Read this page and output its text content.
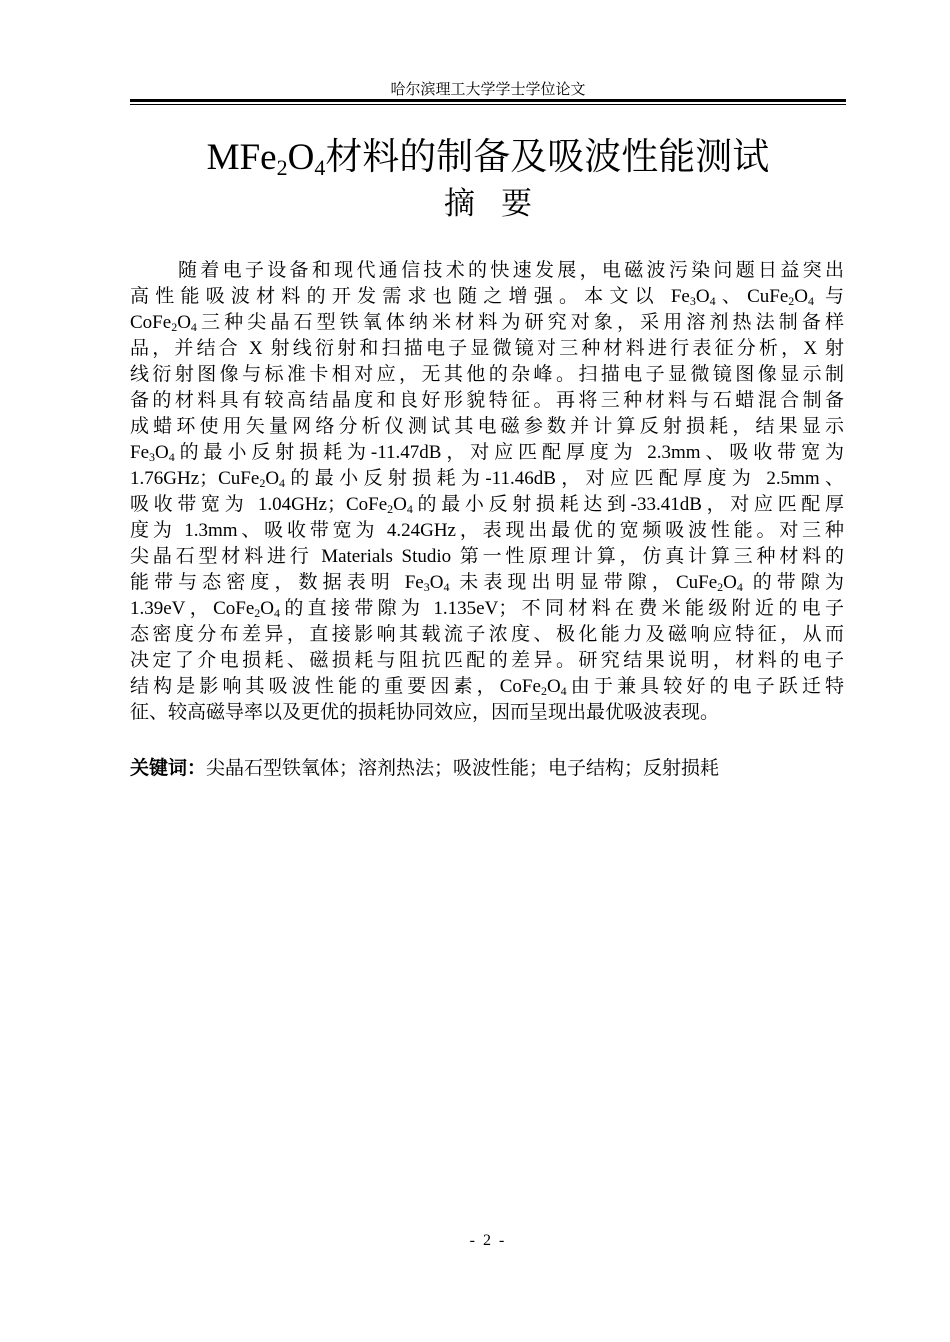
哈尔滨理工大学学士学位论文
$MFe_2O_4$材料的制备及吸波性能测试
摘要
随着电子设备和现代通信技术的快速发展，电磁波污染问题日益突出
高性能吸波材料的开发需求也随之增强。本文以 $Fe_3O_4$、$CuFe_2O_4$ 与
$CoFe_2O_4$三种尖晶石型铁氧体纳米材料为研究对象，采用溶剂热法制备样
品，并结合 X 射线衍射和扫描电子显微镜对三种材料进行表征分析，X 射
线衍射图像与标准卡相对应，无其他的杂峰。扫描电子显微镜图像显示制
备的材料具有较高结晶度和良好形貌特征。再将三种材料与石蜡混合制备
成蜡环使用矢量网络分析仪测试其电磁参数并计算反射损耗，结果显示
$Fe_3O_4$的最小反射损耗为-11.47dB，对应匹配厚度为 2.3mm、吸收带宽为
1.76GHz；$CuFe_2O_4$的最小反射损耗为-11.46dB，对应匹配厚度为 2.5mm、
吸收带宽为 1.04GHz；$CoFe_2O_4$的最小反射损耗达到-33.41dB，对应匹配厚
度为 1.3mm、吸收带宽为 4.24GHz，表现出最优的宽频吸波性能。对三种
尖晶石型材料进行 Materials Studio 第一性原理计算，仿真计算三种材料的
能带与态密度，数据表明 $Fe_3O_4$ 未表现出明显带隙，$CuFe_2O_4$ 的带隙为
1.39eV，$CoFe_2O_4$的直接带隙为 1.135eV；不同材料在费米能级附近的电子
态密度分布差异，直接影响其载流子浓度、极化能力及磁响应特征，从而
决定了介电损耗、磁损耗与阻抗匹配的差异。研究结果说明，材料的电子
结构是影响其吸波性能的重要因素，$CoFe_2O_4$由于兼具较好的电子跃迁特
征、较高磁导率以及更优的损耗协同效应，因而呈现出最优吸波表现。
关键词：尖晶石型铁氧体；溶剂热法；吸波性能；电子结构；反射损耗
- 2 -
